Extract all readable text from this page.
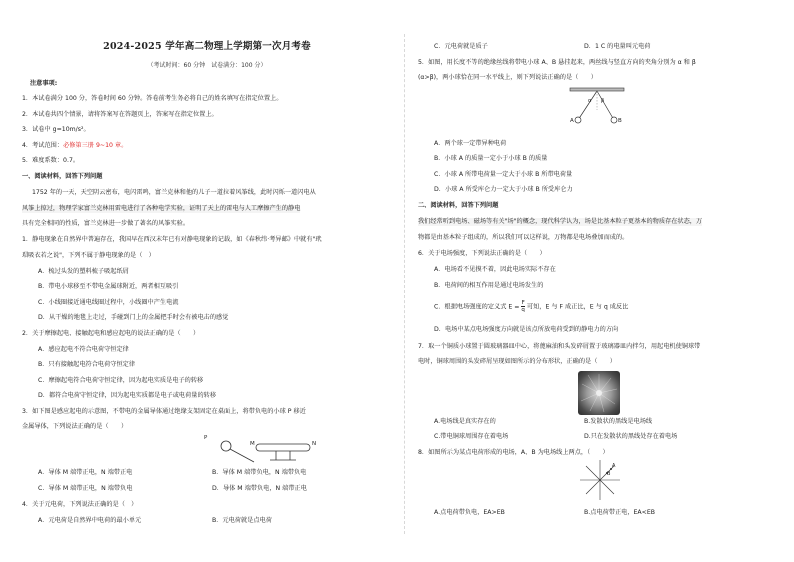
2024-2025 学年高二物理上学期第一次月考卷
（考试时间：60 分钟　试卷满分：100 分）
注意事项:
1．本试卷满分 100 分，答卷时间 60 分钟。答卷前考生务必将自己的姓名填写在指定位置上。
2．本试卷共四个情景，请将答案写在答题页上，答案写在指定位置上。
3．试卷中 g=10m/s²。
4．考试范围：必修第三册 9~10 章。
5．难度系数：0.7。
一、阅读材料，回答下列问题
1752 年的一天，天空阴云密布，电闪雷鸣，富兰克林和他的儿子一道拉着风筝线，此时闪烁一道闪电从
风筝上掠过，物理学家富兰克林用雷电进行了各种电学实验，证明了天上的雷电与人工摩擦产生的静电
具有完全相同的性质，富兰克林进一步做了著名的风筝实验。
1．静电现象在自然界中普遍存在，我国早在西汉末年已有对静电现象的记载，如《春秋纬·考异邮》中就有"玳
瑁吸衣若之说"，下列不属于静电现象的是（　）
A．梳过头发的塑料梳子吸起纸屑
B．带电小球移至不带电金属球附近，两者相互吸引
C．小线圈接近通电线圈过程中，小线圈中产生电流
D．从干燥的地毯上走过，手碰到门上的金属把手时会有被电击的感觉
2．关于摩擦起电、接触起电和感应起电的说法正确的是（　　）
A．感应起电不符合电荷守恒定律
B．只有接触起电符合电荷守恒定律
C．摩擦起电符合电荷守恒定律，因为起电实质是电子的转移
D．都符合电荷守恒定律，因为起电实质都是电子或电荷量的转移
3．如下图是感应起电的示意图，不带电的金属导体通过绝缘支架固定在桌面上，将带负电的小球 P 移近
金属导体，下列说法正确的是（　　）
P
M	N
A．导体 M 端带正电，N 端带正电	B．导体 M 端带负电，N 端带负电
C．导体 M 端带正电，N 端带负电	D．导体 M 端带负电，N 端带正电
4．关于元电荷，下列说法正确的是（　）
A．元电荷是自然界中电荷的最小单元	B．元电荷就是点电荷
C．元电荷就是质子	D．1 C 的电量叫元电荷
5．如图，用长度不等的绝缘丝线将带电小球 A、B 悬挂起来，两丝线与竖直方向的夹角分别为 α 和 β
(α>β)，两小球恰在同一水平线上，则下列说法正确的是（　　）
α β
A	B
A．两个球一定带异种电荷
B．小球 A 的质量一定小于小球 B 的质量
C．小球 A 所带电荷量一定大于小球 B 所带电荷量
D．小球 A 所受库仑力一定大于小球 B 所受库仑力
二、阅读材料，回答下列问题
我们经常听到电场、磁场等有关"场"的概念，现代科学认为，场是比基本粒子更基本的物质存在状态，万
物都是由基本粒子组成的，所以我们可以这样说，万物都是电场叠加而成的。
6．关于电场强度，下列说法正确的是（　　）
A．电场看不见摸不着，因此电场实际不存在
B．电荷间的相互作用是通过电场发生的
C．根据电场强度的定义式 $E = \frac{F}{q}$ 可知，E 与 F 成正比，E 与 q 成反比
D．电场中某点电场强度方向就是该点所放电荷受到的静电力的方向
7．取一个铜质小球置于圆玻璃器皿中心，将蓖麻油和头发碎屑置于玻璃器皿内拌匀，用起电机使铜球带
电时，铜球周围的头发碎屑呈现如图所示的分布形状，正确的是（　　）
A.电场线是真实存在的	B.发散状的黑线是电场线
C.带电铜球周围存在着电场	D.只在发散状的黑线处存在着电场
8．如图所示为某点电荷形成的电场，A、B 为电场线上两点，（　　）
B
A
A.点电荷带负电，EA>EB	B.点电荷带正电，EA<EB
